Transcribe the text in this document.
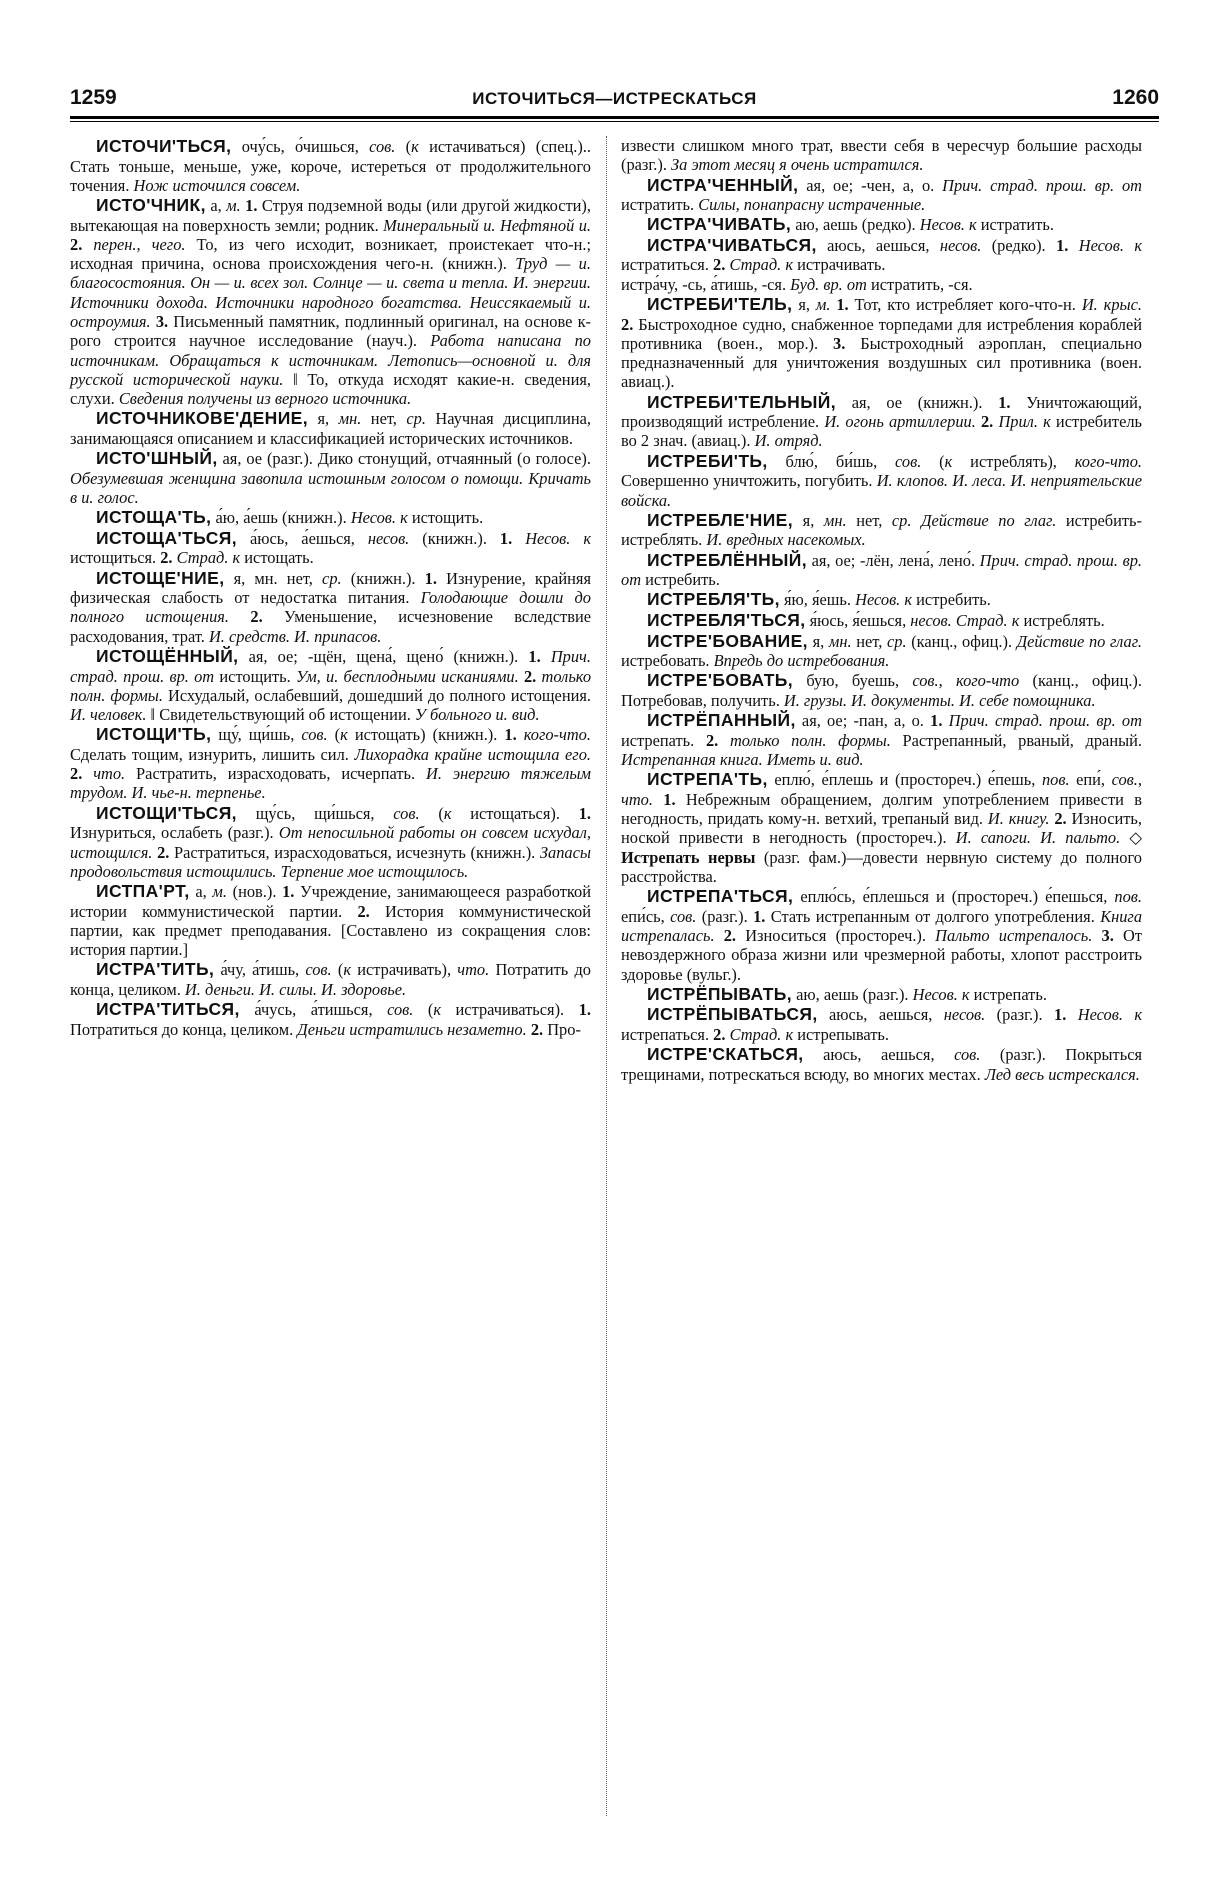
1259	ИСТОЧИТЬСЯ—ИСТРЕСКАТЬСЯ	1260

ИСТОЧИ'ТЬСЯ, очу́сь, о́чишься, сов. (к истачиваться) (спец.).. Стать тоньше, меньше, уже, короче, истереться от продолжительного точения. Нож источился совсем.

ИСТО'ЧНИК, а, м. 1. Струя подземной воды (или другой жидкости), вытекающая на поверхность земли; родник. Минеральный и. Нефтяной и. 2. перен., чего. То, из чего исходит, возникает, проистекает что-н.; исходная причина, основа происхождения чего-н. (книжн.). Труд — и. благосостояния. Он — и. всех зол. Солнце — и. света и тепла. И. энергии. Источники дохода. Источники народного богатства. Неиссякаемый и. остроумия. 3. Письменный памятник, подлинный оригинал, на основе к-рого строится научное исследование (науч.). Работа написана по источникам. Обращаться к источникам. Летопись—основной и. для русской исторической науки. ‖ То, откуда исходят какие-н. сведения, слухи. Сведения получены из верного источника.

ИСТОЧНИКОВЕ'ДЕНИЕ, я, мн. нет, ср. Научная дисциплина, занимающаяся описанием и классификацией исторических источников.

ИСТО'ШНЫЙ, ая, ое (разг.). Дико стонущий, отчаянный (о голосе). Обезумевшая женщина завопила истошным голосом о помощи. Кричать в и. голос.

ИСТОЩА'ТЬ, а́ю, а́ешь (книжн.). Несов. к истощить.

ИСТОЩА'ТЬСЯ, а́юсь, а́ешься, несов. (книжн.). 1. Несов. к истощиться. 2. Страд. к истощать.

ИСТОЩЕ'НИЕ, я, мн. нет, ср. (книжн.). 1. Изнурение, крайняя физическая слабость от недостатка питания. Голодающие дошли до полного истощения. 2. Уменьшение, исчезновение вследствие расходования, трат. И. средств. И. припасов.

ИСТОЩЁННЫЙ, ая, ое; -щён, щена́, щено́ (книжн.). 1. Прич. страд. прош. вр. от истощить. Ум, и. бесплодными исканиями. 2. только полн. формы. Исхудалый, ослабевший, дошедший до полного истощения. И. человек. ‖ Свидетельствующий об истощении. У больного и. вид.

ИСТОЩИ'ТЬ, щу́, щи́шь, сов. (к истощать) (книжн.). 1. кого-что. Сделать тощим, изнурить, лишить сил. Лихорадка крайне истощила его. 2. что. Растратить, израсходовать, исчерпать. И. энергию тяжелым трудом. И. чье-н. терпенье.

ИСТОЩИ'ТЬСЯ, щу́сь, щи́шься, сов. (к истощаться). 1. Изнуриться, ослабеть (разг.). От непосильной работы он совсем исхудал, истощился. 2. Растратиться, израсходоваться, исчезнуть (книжн.). Запасы продовольствия истощились. Терпение мое истощилось.

ИСТПА'РТ, а, м. (нов.). 1. Учреждение, занимающееся разработкой истории коммунистической партии. 2. История коммунистической партии, как предмет преподавания. [Составлено из сокращения слов: история партии.]

ИСТРА'ТИТЬ, а́чу, а́тишь, сов. (к истрачивать), что. Потратить до конца, целиком. И. деньги. И. силы. И. здоровье.

ИСТРА'ТИТЬСЯ, а́чусь, а́тишься, сов. (к истрачиваться). 1. Потратиться до конца, целиком. Деньги истратились незаметно. 2. Про-

извести слишком много трат, ввести себя в чересчур большие расходы (разг.). За этот месяц я очень истратился.

ИСТРА'ЧЕННЫЙ, ая, ое; -чен, а, о. Прич. страд. прош. вр. от истратить. Силы, понапрасну истраченные.

ИСТРА'ЧИВАТЬ, аю, аешь (редко). Несов. к истратить.

ИСТРА'ЧИВАТЬСЯ, аюсь, аешься, несов. (редко). 1. Несов. к истратиться. 2. Страд. к истрачивать.

истра́чу, -сь, а́тишь, -ся. Буд. вр. от истратить, -ся.

ИСТРЕБИ'ТЕЛЬ, я, м. 1. Тот, кто истребляет кого-что-н. И. крыс. 2. Быстроходное судно, снабженное торпедами для истребления кораблей противника (воен., мор.). 3. Быстроходный аэроплан, специально предназначенный для уничтожения воздушных сил противника (воен. авиац.).

ИСТРЕБИ'ТЕЛЬНЫЙ, ая, ое (книжн.). 1. Уничтожающий, производящий истребление. И. огонь артиллерии. 2. Прил. к истребитель во 2 знач. (авиац.). И. отряд.

ИСТРЕБИ'ТЬ, блю́, би́шь, сов. (к истреблять), кого-что. Совершенно уничтожить, погубить. И. клопов. И. леса. И. неприятельские войска.

ИСТРЕБЛЕ'НИЕ, я, мн. нет, ср. Действие по глаг. истребить-истреблять. И. вредных насекомых.

ИСТРЕБЛЁННЫЙ, ая, ое; -лён, лена́, лено́. Прич. страд. прош. вр. от истребить.

ИСТРЕБЛЯ'ТЬ, я́ю, я́ешь. Несов. к истребить.

ИСТРЕБЛЯ'ТЬСЯ, я́юсь, я́ешься, несов. Страд. к истреблять.

ИСТРЕ'БОВАНИЕ, я, мн. нет, ср. (канц., офиц.). Действие по глаг. истребовать. Впредь до истребования.

ИСТРЕ'БОВАТЬ, бую, буешь, сов., кого-что (канц., офиц.). Потребовав, получить. И. грузы. И. документы. И. себе помощника.

ИСТРЁПАННЫЙ, ая, ое; -пан, а, о. 1. Прич. страд. прош. вр. от истрепать. 2. только полн. формы. Растрепанный, рваный, драный. Истрепанная книга. Иметь и. вид.

ИСТРЕПА'ТЬ, еплю́, е́плешь и (простореч.) е́пешь, пов. епи́, сов., что. 1. Небрежным обращением, долгим употреблением привести в негодность, придать кому-н. ветхий, трепаный вид. И. книгу. 2. Износить, ноской привести в негодность (простореч.). И. сапоги. И. пальто. ◇ Истрепать нервы (разг. фам.)—довести нервную систему до полного расстройства.

ИСТРЕПА'ТЬСЯ, еплю́сь, е́плешься и (простореч.) е́пешься, пов. епи́сь, сов. (разг.). 1. Стать истрепанным от долгого употребления. Книга истрепалась. 2. Износиться (простореч.). Пальто истрепалось. 3. От невоздержного образа жизни или чрезмерной работы, хлопот расстроить здоровье (вульг.).

ИСТРЁПЫВАТЬ, аю, аешь (разг.). Несов. к истрепать.

ИСТРЁПЫВАТЬСЯ, аюсь, аешься, несов. (разг.). 1. Несов. к истрепаться. 2. Страд. к истрепывать.

ИСТРЕ'СКАТЬСЯ, аюсь, аешься, сов. (разг.). Покрыться трещинами, потрескаться всюду, во многих местах. Лед весь истрескался.
